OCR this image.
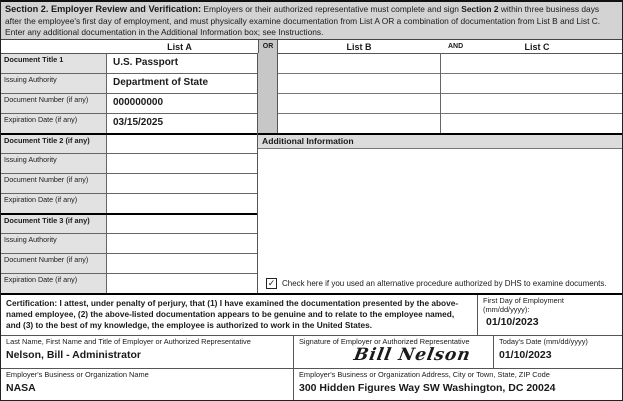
Section 2. Employer Review and Verification: Employers or their authorized representative must complete and sign Section 2 within three business days after the employee's first day of employment, and must physically examine documentation from List A OR a combination of documentation from List B and List C. Enter any additional documentation in the Additional Information box; see Instructions.
List A	OR	List B	AND	List C
Document Title 1	U.S. Passport
Issuing Authority	Department of State
Document Number (if any)	000000000
Expiration Date (if any)	03/15/2025
Document Title 2 (if any)
Issuing Authority
Document Number (if any)
Expiration Date (if any)
Document Title 3 (if any)
Issuing Authority
Document Number (if any)
Expiration Date (if any)
Additional Information
✓ Check here if you used an alternative procedure authorized by DHS to examine documents.
Certification: I attest, under penalty of perjury, that (1) I have examined the documentation presented by the above-named employee, (2) the above-listed documentation appears to be genuine and to relate to the employee named, and (3) to the best of my knowledge, the employee is authorized to work in the United States.
First Day of Employment
(mm/dd/yyyy):
01/10/2023
Last Name, First Name and Title of Employer or Authorized Representative
Nelson, Bill - Administrator
Signature of Employer or Authorized Representative
Bill Nelson
Today's Date (mm/dd/yyyy)
01/10/2023
Employer's Business or Organization Name
NASA
Employer's Business or Organization Address, City or Town, State, ZIP Code
300 Hidden Figures Way SW Washington, DC 20024
